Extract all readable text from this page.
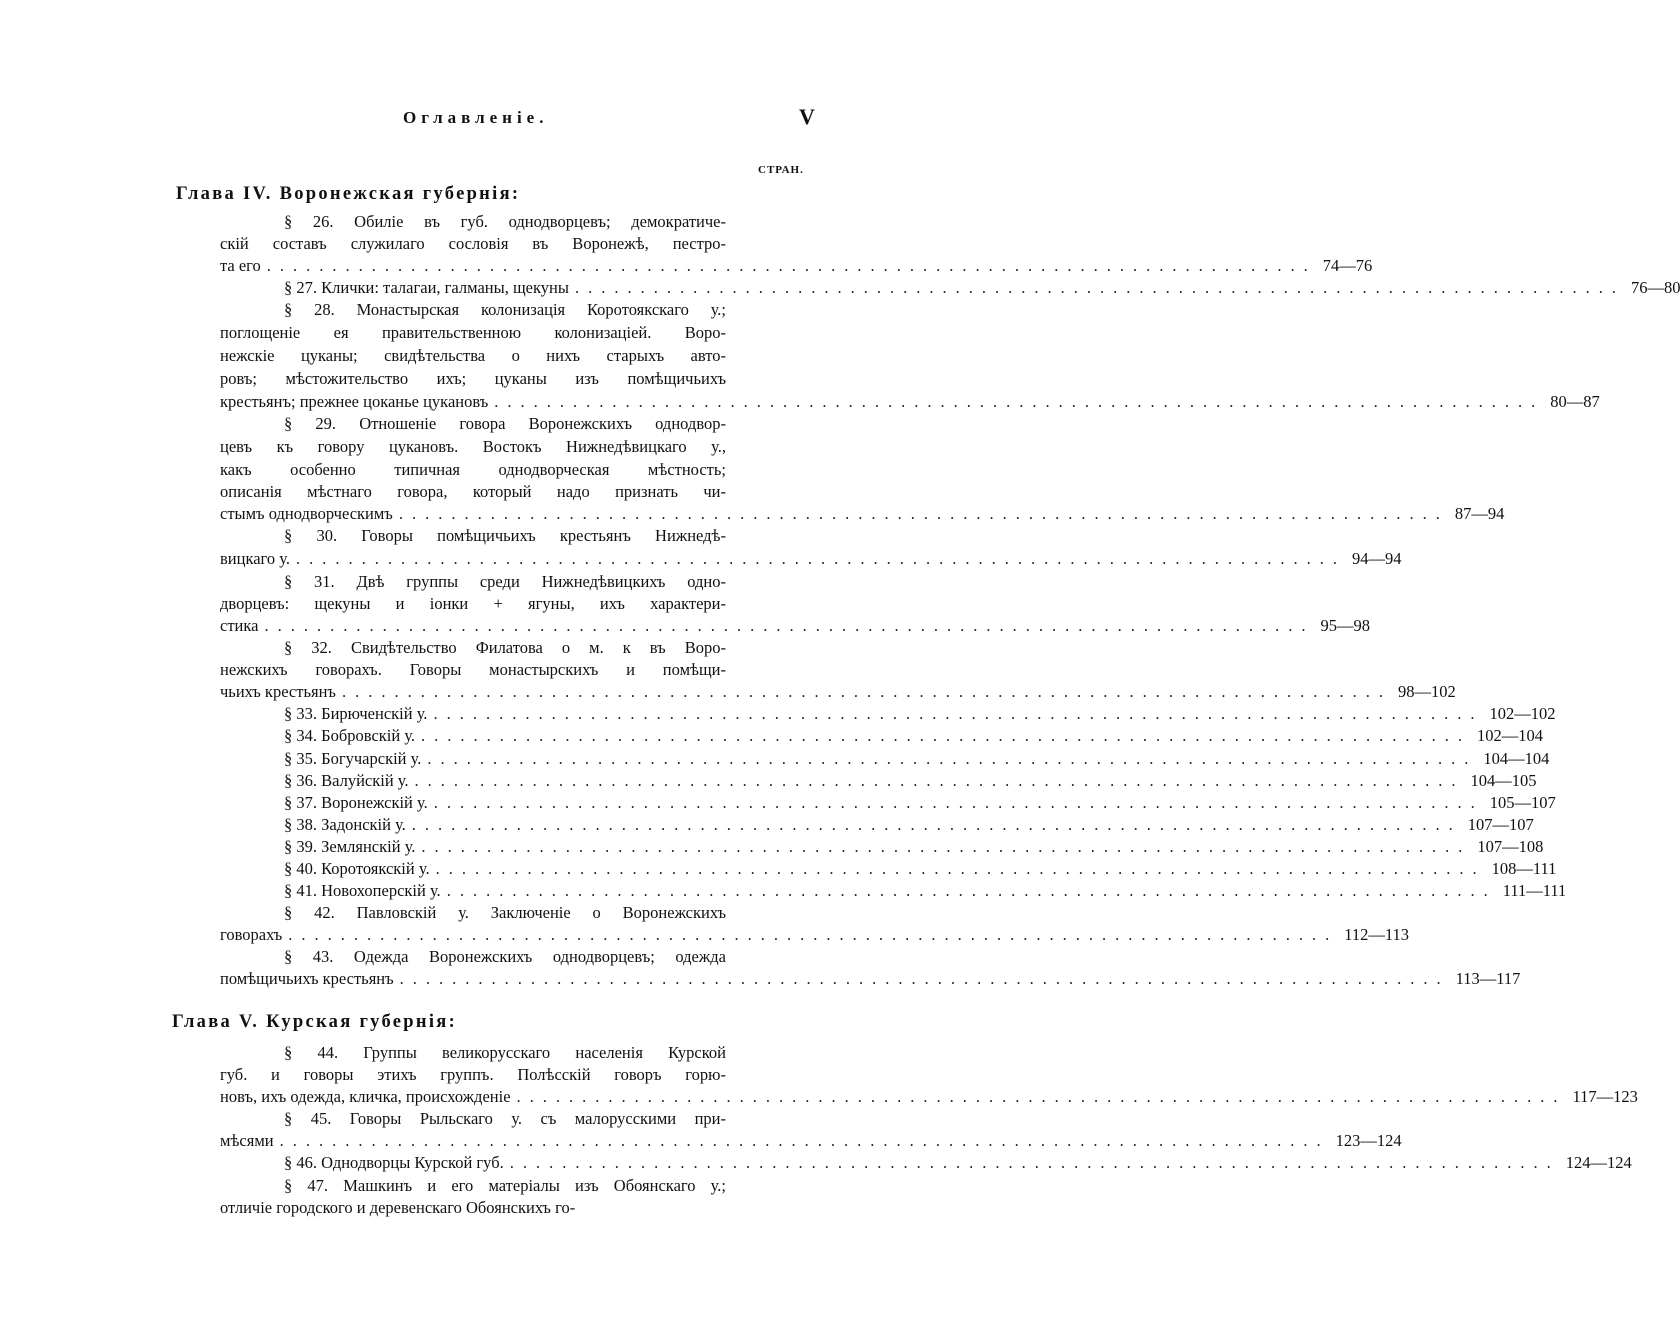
Оглавленіе.	V
СТРАН.
Глава IV. Воронежская губернія:
Глава V. Курская губернія:
§ 26. Обиліе въ губ. однодворцевъ; демократиче-
скій составъ служилаго сословія въ Воронежѣ, пестро-
та его ................................................................................ 74—76
§ 27. Клички: талагаи, галманы, щекуны ................................................................................ 76—80
§ 28. Монастырская колонизація Коротоякскаго у.;
поглощеніе ея правительственною колонизаціей. Воро-
нежскіе цуканы; свидѣтельства о нихъ старыхъ авто-
ровъ; мѣстожительство ихъ; цуканы изъ помѣщичьихъ
крестьянъ; прежнее цоканье цукановъ ................................................................................ 80—87
§ 29. Отношеніе говора Воронежскихъ однодвор-
цевъ къ говору цукановъ. Востокъ Нижнедѣвицкаго у.,
какъ особенно типичная однодворческая мѣстность;
описанія мѣстнаго говора, который надо признать чи-
стымъ однодворческимъ ................................................................................ 87—94
§ 30. Говоры помѣщичьихъ крестьянъ Нижнедѣ-
вицкаго у. ................................................................................ 94—94
§ 31. Двѣ группы среди Нижнедѣвицкихъ одно-
дворцевъ: щекуны и іонки + ягуны, ихъ характери-
стика ................................................................................ 95—98
§ 32. Свидѣтельство Филатова о м. к въ Воро-
нежскихъ говорахъ. Говоры монастырскихъ и помѣщи-
чьихъ крестьянъ ................................................................................ 98—102
§ 33. Бирюченскій у. ................................................................................ 102—102
§ 34. Бобровскій у. ................................................................................ 102—104
§ 35. Богучарскій у. ................................................................................ 104—104
§ 36. Валуйскій у. ................................................................................ 104—105
§ 37. Воронежскій у. ................................................................................ 105—107
§ 38. Задонскій у. ................................................................................ 107—107
§ 39. Землянскій у. ................................................................................ 107—108
§ 40. Коротоякскій у. ................................................................................ 108—111
§ 41. Новохоперскій у. ................................................................................ 111—111
§ 42. Павловскій у. Заключеніе о Воронежскихъ
говорахъ ................................................................................ 112—113
§ 43. Одежда Воронежскихъ однодворцевъ; одежда
помѣщичьихъ крестьянъ ................................................................................ 113—117
§ 44. Группы великорусскаго населенія Курской
губ. и говоры этихъ группъ. Полѣсскій говоръ горю-
новъ, ихъ одежда, кличка, происхожденіе ................................................................................ 117—123
§ 45. Говоры Рыльскаго у. съ малорусскими при-
мѣсями ................................................................................ 123—124
§ 46. Однодворцы Курской губ. ................................................................................ 124—124
§ 47. Машкинъ и его матеріалы изъ Обоянскаго у.;
отличіе городского и деревенскаго Обоянскихъ го-
